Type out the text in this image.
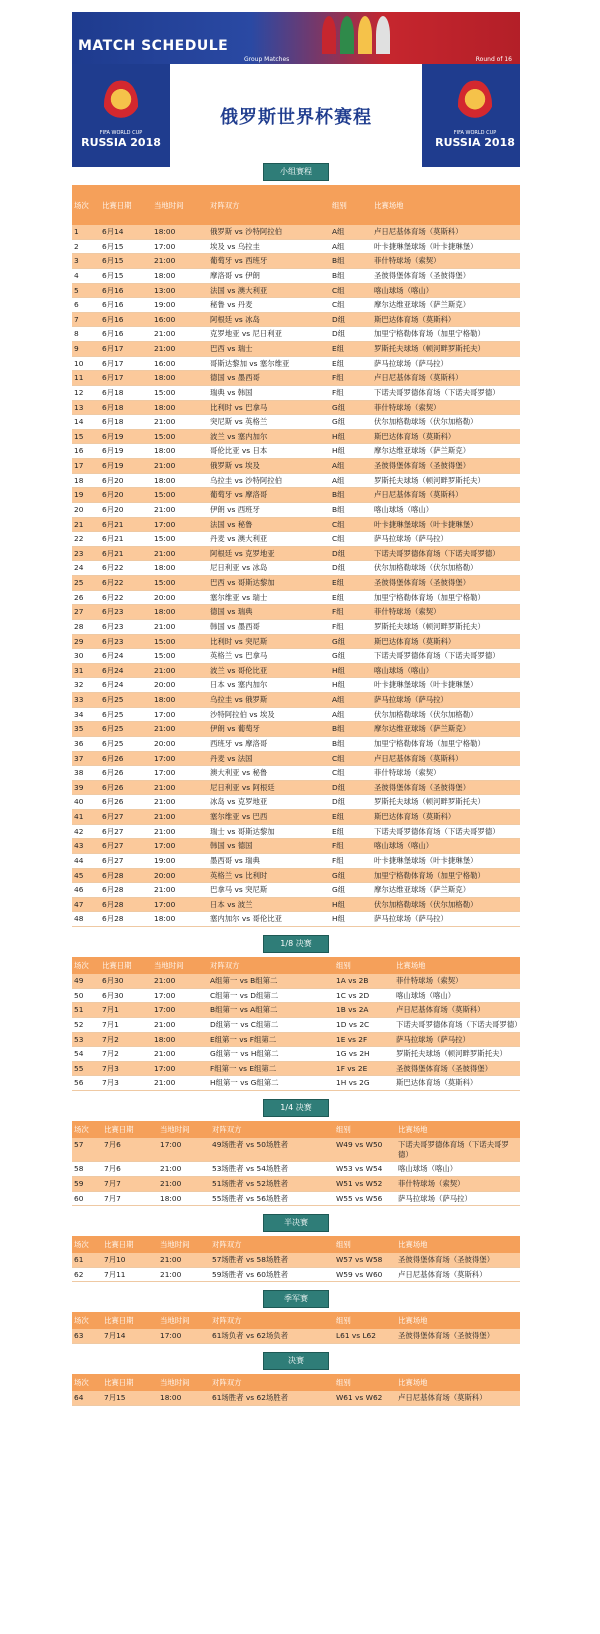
MATCH SCHEDULE
Group Matches	Round of 16
FIFA WORLD CUP
RUSSIA 2018
俄罗斯世界杯赛程
FIFA WORLD CUP
RUSSIA 2018
小组赛程
场次	比赛日期	当地时间	对阵双方	组别	比赛场地
1	6月14	18:00	俄罗斯 vs 沙特阿拉伯	A组	卢日尼基体育场（莫斯科）
2	6月15	17:00	埃及 vs 乌拉圭	A组	叶卡捷琳堡球场（叶卡捷琳堡）
3	6月15	21:00	葡萄牙 vs 西班牙	B组	菲什特球场（索契）
4	6月15	18:00	摩洛哥 vs 伊朗	B组	圣彼得堡体育场（圣彼得堡）
5	6月16	13:00	法国 vs 澳大利亚	C组	喀山球场（喀山）
6	6月16	19:00	秘鲁 vs 丹麦	C组	摩尔达维亚球场（萨兰斯克）
7	6月16	16:00	阿根廷 vs 冰岛	D组	斯巴达体育场（莫斯科）
8	6月16	21:00	克罗地亚 vs 尼日利亚	D组	加里宁格勒体育场（加里宁格勒）
9	6月17	21:00	巴西 vs 瑞士	E组	罗斯托夫球场（顿河畔罗斯托夫）
10	6月17	16:00	哥斯达黎加 vs 塞尔维亚	E组	萨马拉球场（萨马拉）
11	6月17	18:00	德国 vs 墨西哥	F组	卢日尼基体育场（莫斯科）
12	6月18	15:00	瑞典 vs 韩国	F组	下诺夫哥罗德体育场（下诺夫哥罗德）
13	6月18	18:00	比利时 vs 巴拿马	G组	菲什特球场（索契）
14	6月18	21:00	突尼斯 vs 英格兰	G组	伏尔加格勒球场（伏尔加格勒）
15	6月19	15:00	波兰 vs 塞内加尔	H组	斯巴达体育场（莫斯科）
16	6月19	18:00	哥伦比亚 vs 日本	H组	摩尔达维亚球场（萨兰斯克）
17	6月19	21:00	俄罗斯 vs 埃及	A组	圣彼得堡体育场（圣彼得堡）
18	6月20	18:00	乌拉圭 vs 沙特阿拉伯	A组	罗斯托夫球场（顿河畔罗斯托夫）
19	6月20	15:00	葡萄牙 vs 摩洛哥	B组	卢日尼基体育场（莫斯科）
20	6月20	21:00	伊朗 vs 西班牙	B组	喀山球场（喀山）
21	6月21	17:00	法国 vs 秘鲁	C组	叶卡捷琳堡球场（叶卡捷琳堡）
22	6月21	15:00	丹麦 vs 澳大利亚	C组	萨马拉球场（萨马拉）
23	6月21	21:00	阿根廷 vs 克罗地亚	D组	下诺夫哥罗德体育场（下诺夫哥罗德）
24	6月22	18:00	尼日利亚 vs 冰岛	D组	伏尔加格勒球场（伏尔加格勒）
25	6月22	15:00	巴西 vs 哥斯达黎加	E组	圣彼得堡体育场（圣彼得堡）
26	6月22	20:00	塞尔维亚 vs 瑞士	E组	加里宁格勒体育场（加里宁格勒）
27	6月23	18:00	德国 vs 瑞典	F组	菲什特球场（索契）
28	6月23	21:00	韩国 vs 墨西哥	F组	罗斯托夫球场（顿河畔罗斯托夫）
29	6月23	15:00	比利时 vs 突尼斯	G组	斯巴达体育场（莫斯科）
30	6月24	15:00	英格兰 vs 巴拿马	G组	下诺夫哥罗德体育场（下诺夫哥罗德）
31	6月24	21:00	波兰 vs 哥伦比亚	H组	喀山球场（喀山）
32	6月24	20:00	日本 vs 塞内加尔	H组	叶卡捷琳堡球场（叶卡捷琳堡）
33	6月25	18:00	乌拉圭 vs 俄罗斯	A组	萨马拉球场（萨马拉）
34	6月25	17:00	沙特阿拉伯 vs 埃及	A组	伏尔加格勒球场（伏尔加格勒）
35	6月25	21:00	伊朗 vs 葡萄牙	B组	摩尔达维亚球场（萨兰斯克）
36	6月25	20:00	西班牙 vs 摩洛哥	B组	加里宁格勒体育场（加里宁格勒）
37	6月26	17:00	丹麦 vs 法国	C组	卢日尼基体育场（莫斯科）
38	6月26	17:00	澳大利亚 vs 秘鲁	C组	菲什特球场（索契）
39	6月26	21:00	尼日利亚 vs 阿根廷	D组	圣彼得堡体育场（圣彼得堡）
40	6月26	21:00	冰岛 vs 克罗地亚	D组	罗斯托夫球场（顿河畔罗斯托夫）
41	6月27	21:00	塞尔维亚 vs 巴西	E组	斯巴达体育场（莫斯科）
42	6月27	21:00	瑞士 vs 哥斯达黎加	E组	下诺夫哥罗德体育场（下诺夫哥罗德）
43	6月27	17:00	韩国 vs 德国	F组	喀山球场（喀山）
44	6月27	19:00	墨西哥 vs 瑞典	F组	叶卡捷琳堡球场（叶卡捷琳堡）
45	6月28	20:00	英格兰 vs 比利时	G组	加里宁格勒体育场（加里宁格勒）
46	6月28	21:00	巴拿马 vs 突尼斯	G组	摩尔达维亚球场（萨兰斯克）
47	6月28	17:00	日本 vs 波兰	H组	伏尔加格勒球场（伏尔加格勒）
48	6月28	18:00	塞内加尔 vs 哥伦比亚	H组	萨马拉球场（萨马拉）
1/8 决赛
场次	比赛日期	当地时间	对阵双方	组别	比赛场地
49	6月30	21:00	A组第一 vs B组第二	1A vs 2B	菲什特球场（索契）
50	6月30	17:00	C组第一 vs D组第二	1C vs 2D	喀山球场（喀山）
51	7月1	17:00	B组第一 vs A组第二	1B vs 2A	卢日尼基体育场（莫斯科）
52	7月1	21:00	D组第一 vs C组第二	1D vs 2C	下诺夫哥罗德体育场（下诺夫哥罗德）
53	7月2	18:00	E组第一 vs F组第二	1E vs 2F	萨马拉球场（萨马拉）
54	7月2	21:00	G组第一 vs H组第二	1G vs 2H	罗斯托夫球场（顿河畔罗斯托夫）
55	7月3	17:00	F组第一 vs E组第二	1F vs 2E	圣彼得堡体育场（圣彼得堡）
56	7月3	21:00	H组第一 vs G组第二	1H vs 2G	斯巴达体育场（莫斯科）
1/4 决赛
场次	比赛日期	当地时间	对阵双方	组别	比赛场地
57	7月6	17:00	49场胜者 vs 50场胜者	W49 vs W50	下诺夫哥罗德体育场（下诺夫哥罗德）
58	7月6	21:00	53场胜者 vs 54场胜者	W53 vs W54	喀山球场（喀山）
59	7月7	21:00	51场胜者 vs 52场胜者	W51 vs W52	菲什特球场（索契）
60	7月7	18:00	55场胜者 vs 56场胜者	W55 vs W56	萨马拉球场（萨马拉）
半决赛
场次	比赛日期	当地时间	对阵双方	组别	比赛场地
61	7月10	21:00	57场胜者 vs 58场胜者	W57 vs W58	圣彼得堡体育场（圣彼得堡）
62	7月11	21:00	59场胜者 vs 60场胜者	W59 vs W60	卢日尼基体育场（莫斯科）
季军赛
场次	比赛日期	当地时间	对阵双方	组别	比赛场地
63	7月14	17:00	61场负者 vs 62场负者	L61 vs L62	圣彼得堡体育场（圣彼得堡）
决赛
场次	比赛日期	当地时间	对阵双方	组别	比赛场地
64	7月15	18:00	61场胜者 vs 62场胜者	W61 vs W62	卢日尼基体育场（莫斯科）
